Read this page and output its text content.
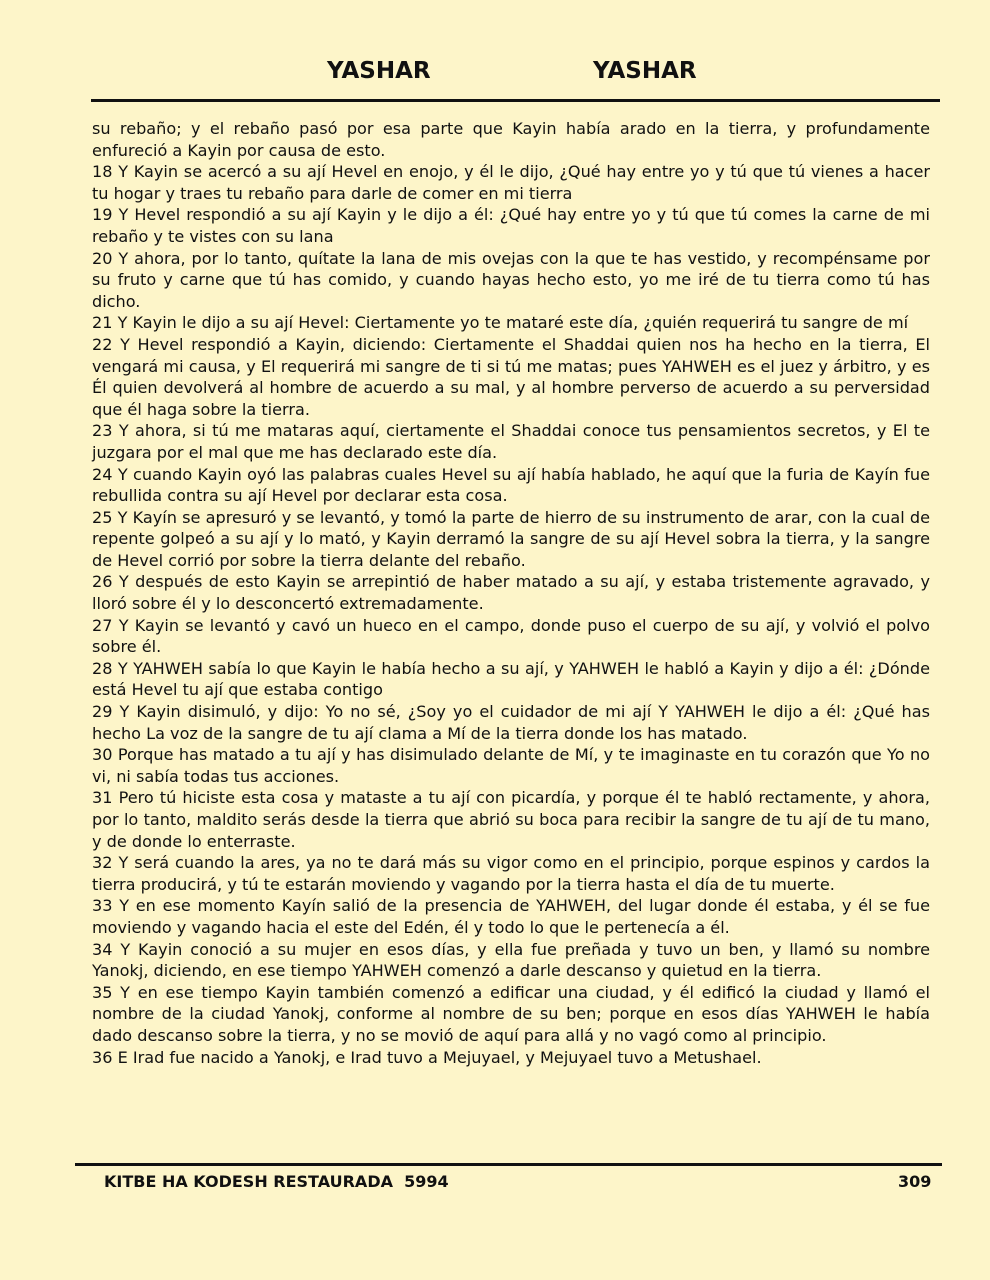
YASHAR	YASHAR

su rebaño; y el rebaño pasó por esa parte que Kayin había arado en la tierra, y profundamente enfureció a Kayin por causa de esto.

18 Y Kayin se acercó a su ají Hevel en enojo, y él le dijo, ¿Qué hay entre yo y tú que tú vienes a hacer tu hogar y traes tu rebaño para darle de comer en mi tierra

19 Y Hevel respondió a su ají Kayin y le dijo a él: ¿Qué hay entre yo y tú que tú comes la carne de mi rebaño y te vistes con su lana

20 Y ahora, por lo tanto, quítate la lana de mis ovejas con la que te has vestido, y recompénsame por su fruto y carne que tú has comido, y cuando hayas hecho esto, yo me iré de tu tierra como tú has dicho.

21 Y Kayin le dijo a su ají Hevel: Ciertamente yo te mataré este día, ¿quién requerirá tu sangre de mí

22 Y Hevel respondió a Kayin, diciendo: Ciertamente el Shaddai quien nos ha hecho en la tierra, El vengará mi causa, y El requerirá mi sangre de ti si tú me matas; pues YAHWEH es el juez y árbitro, y es Él quien devolverá al hombre de acuerdo a su mal, y al hombre perverso de acuerdo a su perversidad que él haga sobre la tierra.

23 Y ahora, si tú me mataras aquí, ciertamente el Shaddai conoce tus pensamientos secretos, y El te juzgara por el mal que me has declarado este día.

24 Y cuando Kayin oyó las palabras cuales Hevel su ají había hablado, he aquí que la furia de Kayín fue rebullida contra su ají Hevel por declarar esta cosa.

25 Y Kayín se apresuró y se levantó, y tomó la parte de hierro de su instrumento de arar, con la cual de repente golpeó a su ají y lo mató, y Kayin derramó la sangre de su ají Hevel sobra la tierra, y la sangre de Hevel corrió por sobre la tierra delante del rebaño.

26 Y después de esto Kayin se arrepintió de haber matado a su ají, y estaba tristemente agravado, y lloró sobre él y lo desconcertó extremadamente.

27 Y Kayin se levantó y cavó un hueco en el campo, donde puso el cuerpo de su ají, y volvió el polvo sobre él.

28 Y YAHWEH sabía lo que Kayin le había hecho a su ají, y YAHWEH le habló a Kayin y dijo a él: ¿Dónde está Hevel tu ají que estaba contigo

29 Y Kayin disimuló, y dijo: Yo no sé, ¿Soy yo el cuidador de mi ají Y YAHWEH le dijo a él: ¿Qué has hecho La voz de la sangre de tu ají clama a Mí de la tierra donde los has matado.

30 Porque has matado a tu ají y has disimulado delante de Mí, y te imaginaste en tu corazón que Yo no vi, ni sabía todas tus acciones.

31 Pero tú hiciste esta cosa y mataste a tu ají con picardía, y porque él te habló rectamente, y ahora, por lo tanto, maldito serás desde la tierra que abrió su boca para recibir la sangre de tu ají de tu mano, y de donde lo enterraste.

32 Y será cuando la ares, ya no te dará más su vigor como en el principio, porque espinos y cardos la tierra producirá, y tú te estarán moviendo y vagando por la tierra hasta el día de tu muerte.

33 Y en ese momento Kayín salió de la presencia de YAHWEH, del lugar donde él estaba, y él se fue moviendo y vagando hacia el este del Edén, él y todo lo que le pertenecía a él.

34 Y Kayin conoció a su mujer en esos días, y ella fue preñada y tuvo un ben, y llamó su nombre Yanokj, diciendo, en ese tiempo YAHWEH comenzó a darle descanso y quietud en la tierra.

35 Y en ese tiempo Kayin también comenzó a edificar una ciudad, y él edificó la ciudad y llamó el nombre de la ciudad Yanokj, conforme al nombre de su ben; porque en esos días YAHWEH le había dado descanso sobre la tierra, y no se movió de aquí para allá y no vagó como al principio.

36 E Irad fue nacido a Yanokj, e Irad tuvo a Mejuyael, y Mejuyael tuvo a Metushael.

KITBE HA KODESH RESTAURADA  5994	309
